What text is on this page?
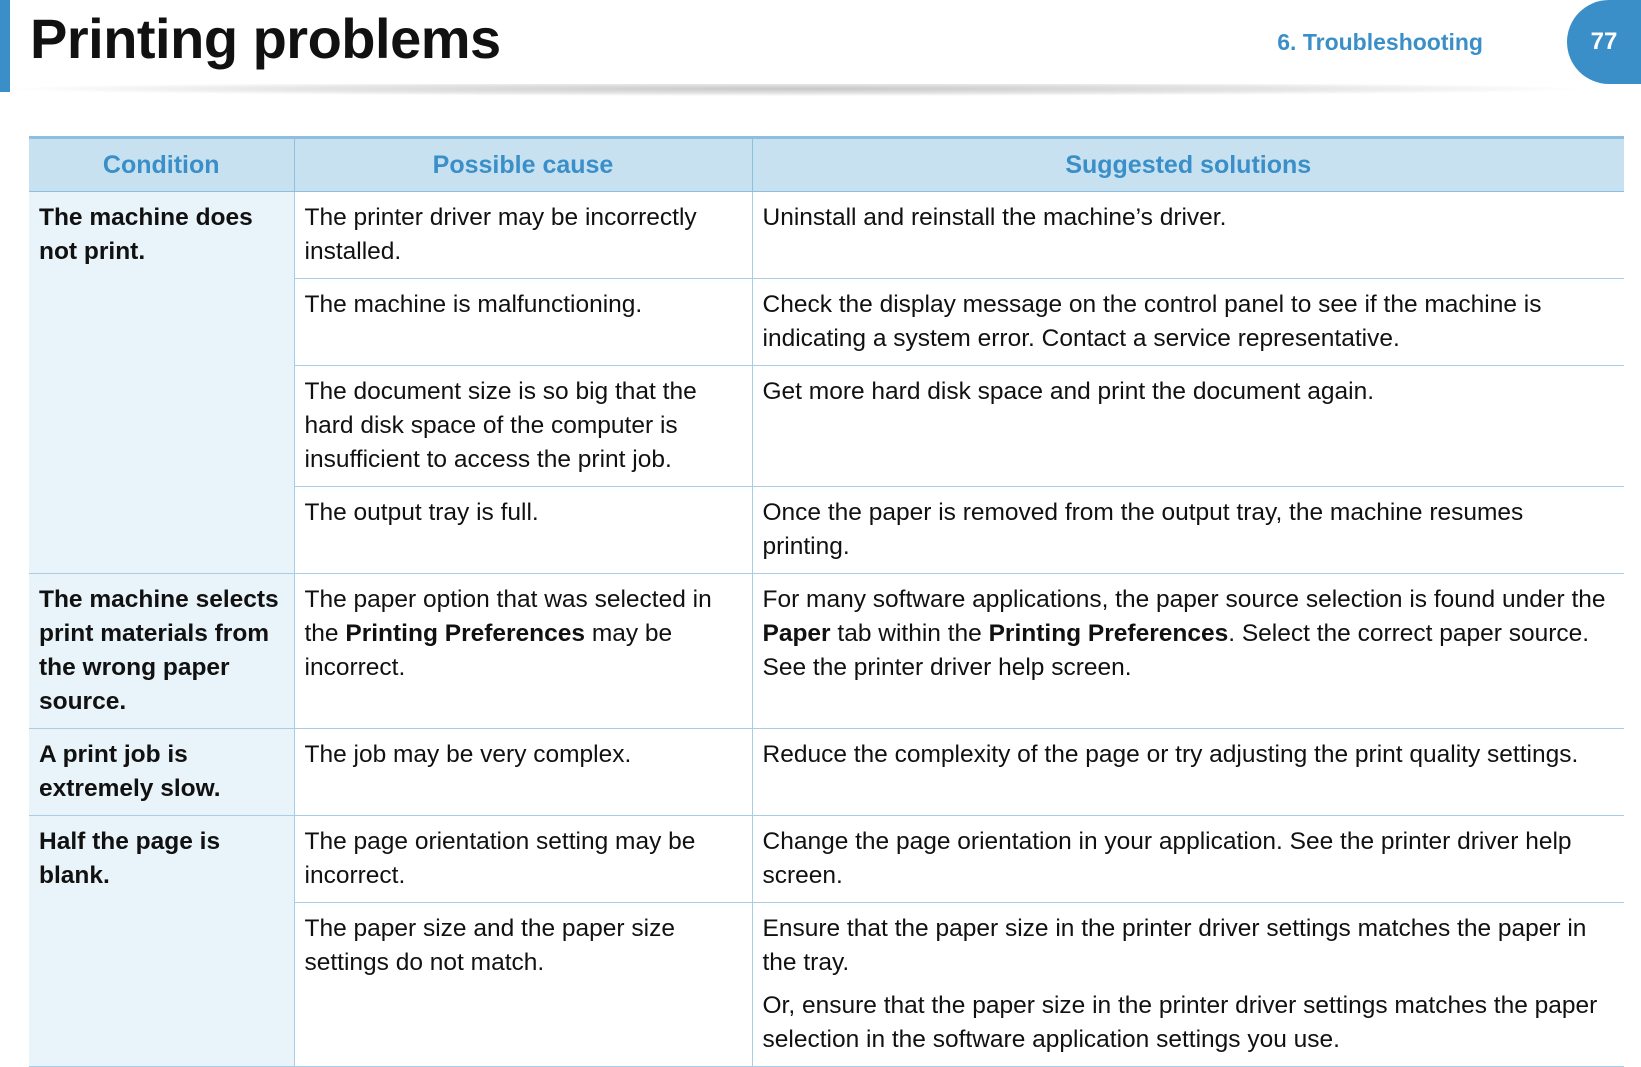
Printing problems	6. Troubleshooting	77
Condition	Possible cause	Suggested solutions
The machine does not print.	The printer driver may be incorrectly installed.	Uninstall and reinstall the machine’s driver.

	The machine is malfunctioning.	Check the display message on the control panel to see if the machine is indicating a system error. Contact a service representative.

	The document size is so big that the hard disk space of the computer is insufficient to access the print job.	Get more hard disk space and print the document again.

	The output tray is full.	Once the paper is removed from the output tray, the machine resumes printing.

The machine selects print materials from the wrong paper source.	The paper option that was selected in the Printing Preferences may be incorrect.	For many software applications, the paper source selection is found under the Paper tab within the Printing Preferences. Select the correct paper source. See the printer driver help screen.
A print job is extremely slow.	The job may be very complex.	Reduce the complexity of the page or try adjusting the print quality settings.

Half the page is blank.	The page orientation setting may be incorrect.	Change the page orientation in your application. See the printer driver help screen.

	The paper size and the paper size settings do not match.	Ensure that the paper size in the printer driver settings matches the paper in the tray.

Or, ensure that the paper size in the printer driver settings matches the paper selection in the software application settings you use.
